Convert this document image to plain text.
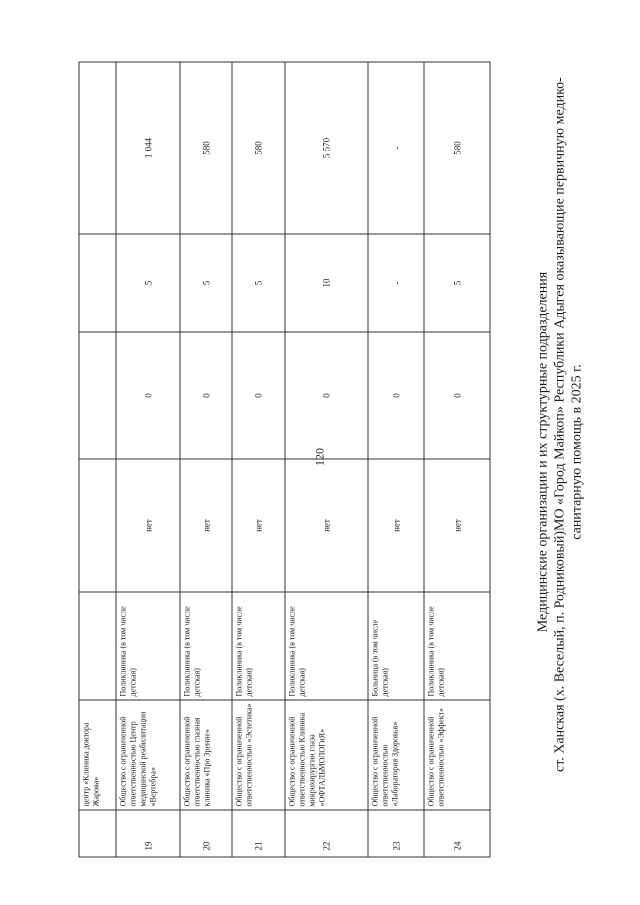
120
	центр «Клиника доктора Жарова»					
19	Общество с ограниченной ответственностью Центр медицинской реабилитации «Вертебра»	Поликлиника (в том числе детская)	нет	0	5	1 044
20	Общество с ограниченной ответственностью глазная клиника «Про Зрение»	Поликлиника (в том числе детская)	нет	0	5	580
21	Общество с ограниченной ответственностью «Эстетика»	Поликлиника (в том числе детская)	нет	0	5	580
22	Общество с ограниченной ответственностью Клиника микрохирургии глаза «ОФТАЛЬМОЛОГиЯ»	Поликлиника (в том числе детская)	нет	0	10	5 570
23	Общество с ограниченной ответственностью «Лаборатория Здоровья»	Больница (в том числе детская)	нет	0	-	-
24	Общество с ограниченной ответственностью «Эффект»	Поликлиника (в том числе детская)	нет	0	5	580
Медицинские организации и их структурные подразделения ст. Ханская (х. Веселый, п. Родниковый)МО «Город Майкоп» Республики Адыгея оказывающие первичную медико- санитарную помощь в 2025 г.
